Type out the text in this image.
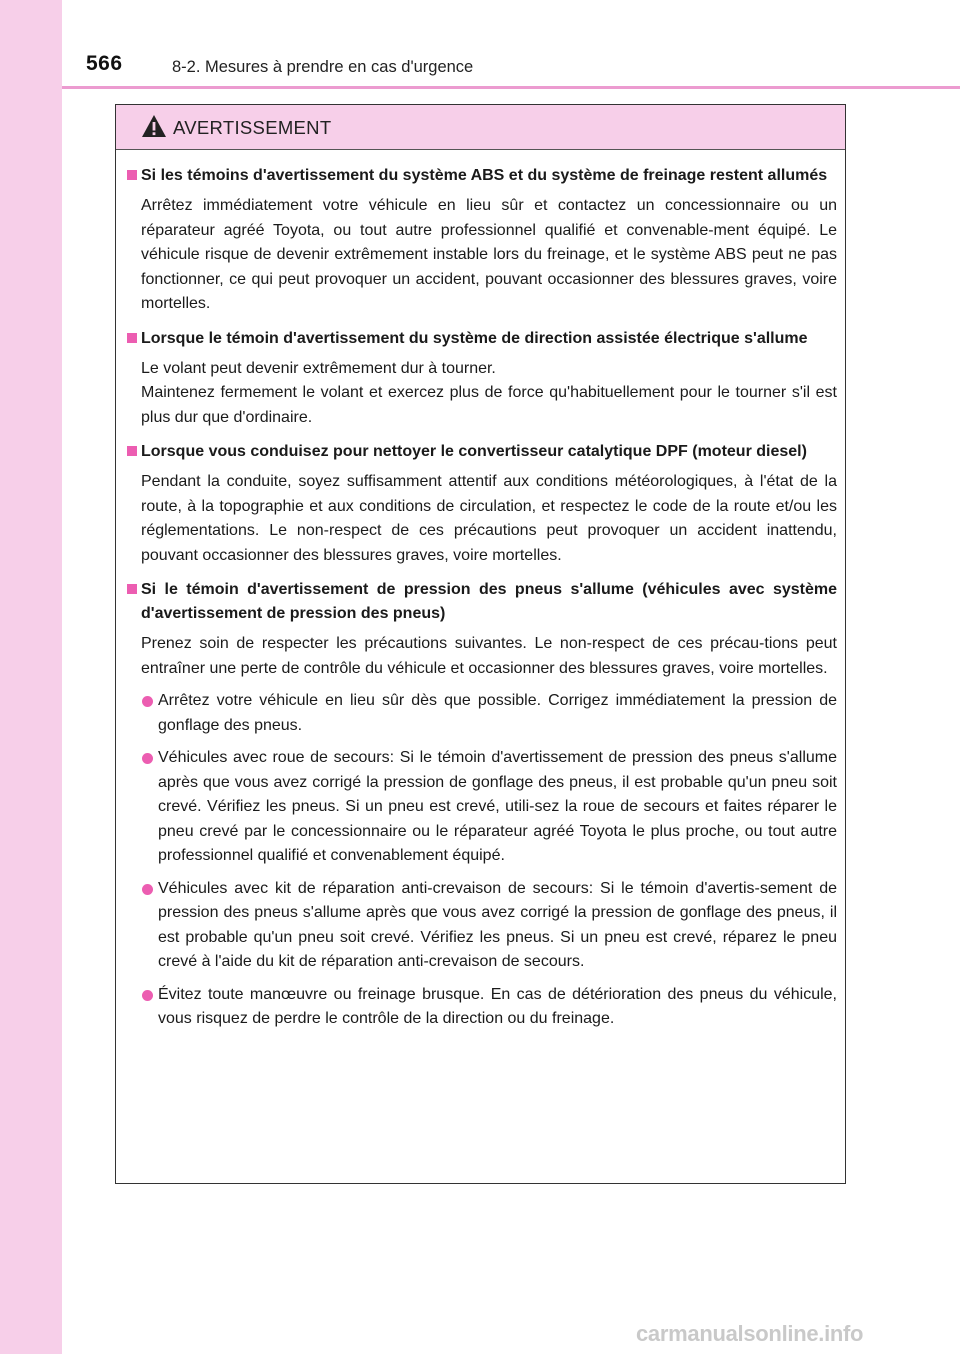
566	8-2. Mesures à prendre en cas d'urgence
AVERTISSEMENT
Si les témoins d'avertissement du système ABS et du système de freinage restent allumés
Arrêtez immédiatement votre véhicule en lieu sûr et contactez un concessionnaire ou un réparateur agréé Toyota, ou tout autre professionnel qualifié et convenable-ment équipé. Le véhicule risque de devenir extrêmement instable lors du freinage, et le système ABS peut ne pas fonctionner, ce qui peut provoquer un accident, pouvant occasionner des blessures graves, voire mortelles.
Lorsque le témoin d'avertissement du système de direction assistée électrique s'allume
Le volant peut devenir extrêmement dur à tourner.
Maintenez fermement le volant et exercez plus de force qu'habituellement pour le tourner s'il est plus dur que d'ordinaire.
Lorsque vous conduisez pour nettoyer le convertisseur catalytique DPF (moteur diesel)
Pendant la conduite, soyez suffisamment attentif aux conditions météorologiques, à l'état de la route, à la topographie et aux conditions de circulation, et respectez le code de la route et/ou les réglementations. Le non-respect de ces précautions peut provoquer un accident inattendu, pouvant occasionner des blessures graves, voire mortelles.
Si le témoin d'avertissement de pression des pneus s'allume (véhicules avec système d'avertissement de pression des pneus)
Prenez soin de respecter les précautions suivantes. Le non-respect de ces précau-tions peut entraîner une perte de contrôle du véhicule et occasionner des blessures graves, voire mortelles.
Arrêtez votre véhicule en lieu sûr dès que possible. Corrigez immédiatement la pression de gonflage des pneus.
Véhicules avec roue de secours: Si le témoin d'avertissement de pression des pneus s'allume après que vous avez corrigé la pression de gonflage des pneus, il est probable qu'un pneu soit crevé. Vérifiez les pneus. Si un pneu est crevé, utili-sez la roue de secours et faites réparer le pneu crevé par le concessionnaire ou le réparateur agréé Toyota le plus proche, ou tout autre professionnel qualifié et convenablement équipé.
Véhicules avec kit de réparation anti-crevaison de secours: Si le témoin d'avertis-sement de pression des pneus s'allume après que vous avez corrigé la pression de gonflage des pneus, il est probable qu'un pneu soit crevé. Vérifiez les pneus. Si un pneu est crevé, réparez le pneu crevé à l'aide du kit de réparation anti-crevaison de secours.
Évitez toute manœuvre ou freinage brusque. En cas de détérioration des pneus du véhicule, vous risquez de perdre le contrôle de la direction ou du freinage.
carmanualsonline.info
